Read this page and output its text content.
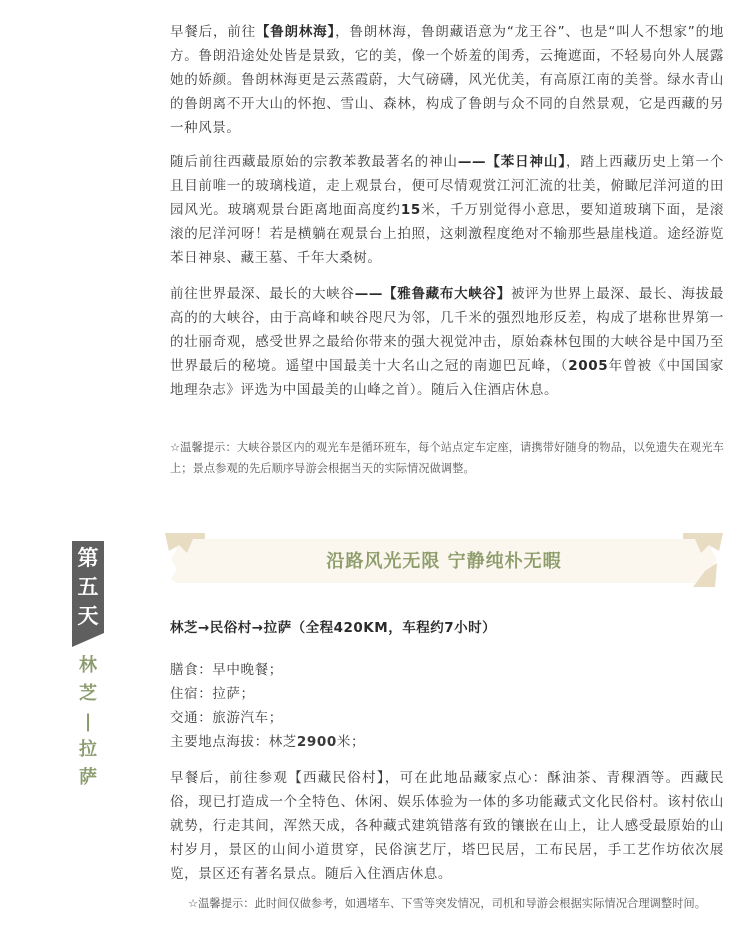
早餐后，前往【鲁朗林海】，鲁朗林海，鲁朗藏语意为“龙王谷”、也是“叫人不想家”的地方。鲁朗沿途处处皆是景致，它的美，像一个娇羞的闺秀，云掩遮面，不轻易向外人展露她的娇颜。鲁朗林海更是云蒸霞蔚，大气磅礴，风光优美，有高原江南的美誉。绿水青山的鲁朗离不开大山的怀抱、雪山、森林，构成了鲁朗与众不同的自然景观，它是西藏的另一种风景。

随后前往西藏最原始的宗教苯教最著名的神山——【苯日神山】，踏上西藏历史上第一个且目前唯一的玻璃栈道，走上观景台，便可尽情观赏江河汇流的壮美，俯瞰尼洋河道的田园风光。玻璃观景台距离地面高度约15米，千万别觉得小意思，要知道玻璃下面，是滚滚的尼洋河呀！若是横躺在观景台上拍照，这刺激程度绝对不输那些悬崖栈道。途经游览苯日神泉、藏王墓、千年大桑树。

前往世界最深、最长的大峡谷——【雅鲁藏布大峡谷】被评为世界上最深、最长、海拔最高的的大峡谷，由于高峰和峡谷咫尺为邻，几千米的强烈地形反差，构成了堪称世界第一的壮丽奇观，感受世界之最给你带来的强大视觉冲击，原始森林包围的大峡谷是中国乃至世界最后的秘境。遥望中国最美十大名山之冠的南迦巴瓦峰，（2005年曾被《中国国家地理杂志》评选为中国最美的山峰之首）。随后入住酒店休息。

☆温馨提示：大峡谷景区内的观光车是循环班车，每个站点定车定座，请携带好随身的物品，以免遗失在观光车上；景点参观的先后顺序导游会根据当天的实际情况做调整。

第
五
天
林
芝
|
拉
萨
沿路风光无限 宁静纯朴无暇
林芝→民俗村→拉萨（全程420KM，车程约7小时）
膳食：早中晚餐；
住宿：拉萨；
交通：旅游汽车；
主要地点海拔：林芝2900米；

早餐后，前往参观【西藏民俗村】，可在此地品藏家点心：酥油茶、青稞酒等。西藏民俗，现已打造成一个全特色、休闲、娱乐体验为一体的多功能藏式文化民俗村。该村依山就势，行走其间，浑然天成，各种藏式建筑错落有致的镶嵌在山上，让人感受最原始的山村岁月，景区的山间小道贯穿，民俗演艺厅，塔巴民居，工布民居，手工艺作坊依次展览，景区还有著名景点。随后入住酒店休息。

☆温馨提示：此时间仅做参考，如遇堵车、下雪等突发情况，司机和导游会根据实际情况合理调整时间。
